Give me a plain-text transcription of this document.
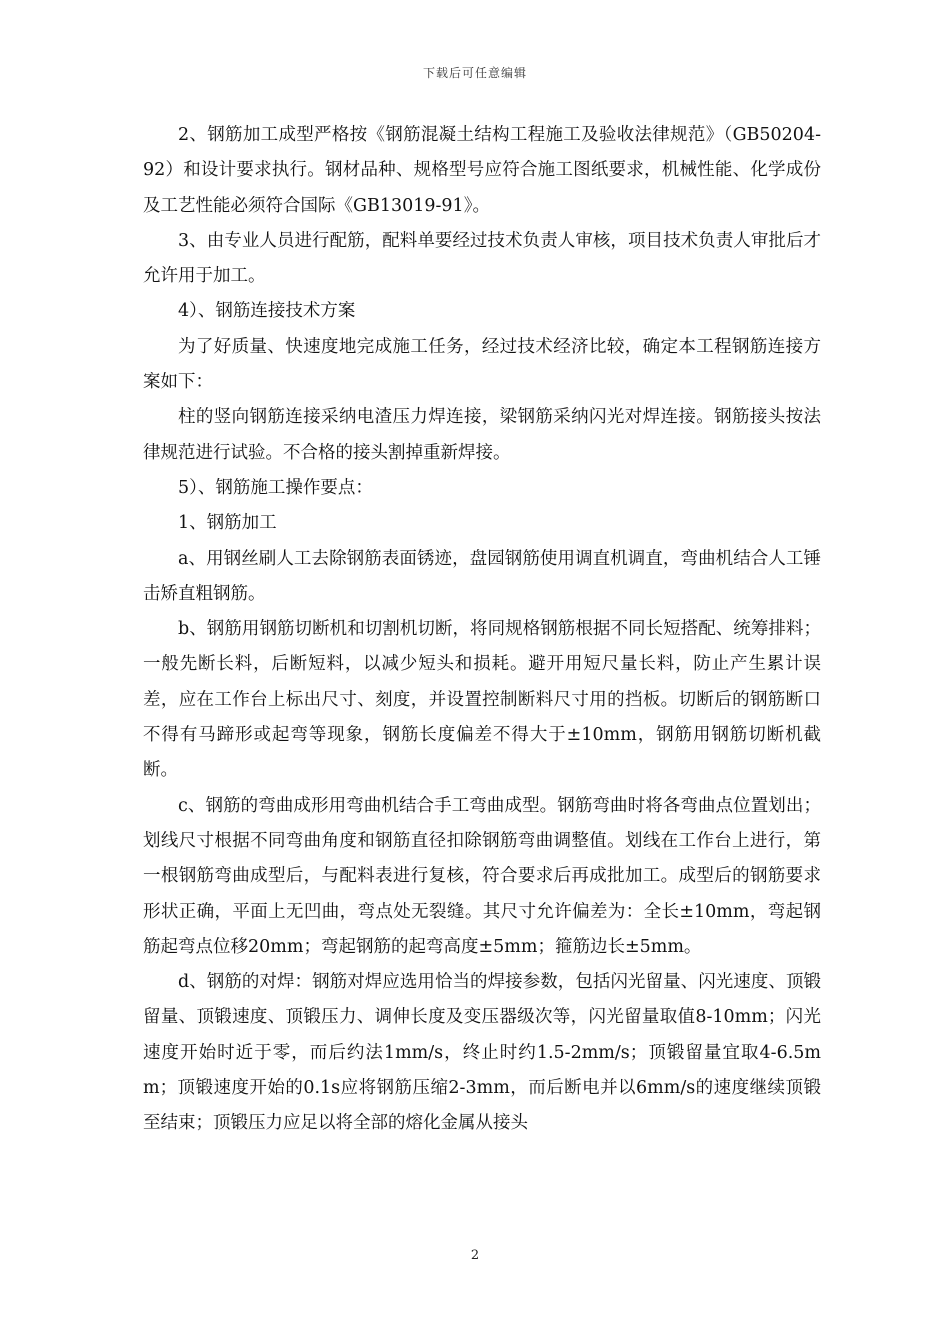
下载后可任意编辑

2、钢筋加工成型严格按《钢筋混凝土结构工程施工及验收法律规范》（GB50204-92）和设计要求执行。钢材品种、规格型号应符合施工图纸要求，机械性能、化学成份及工艺性能必须符合国际《GB13019-91》。

3、由专业人员进行配筋，配料单要经过技术负责人审核，项目技术负责人审批后才允许用于加工。

4）、钢筋连接技术方案

为了好质量、快速度地完成施工任务，经过技术经济比较，确定本工程钢筋连接方案如下：

柱的竖向钢筋连接采纳电渣压力焊连接，梁钢筋采纳闪光对焊连接。钢筋接头按法律规范进行试验。不合格的接头割掉重新焊接。

5）、钢筋施工操作要点：

1、钢筋加工

a、用钢丝刷人工去除钢筋表面锈迹，盘园钢筋使用调直机调直，弯曲机结合人工锤击矫直粗钢筋。

b、钢筋用钢筋切断机和切割机切断，将同规格钢筋根据不同长短搭配、统筹排料；一般先断长料，后断短料，以减少短头和损耗。避开用短尺量长料，防止产生累计误差，应在工作台上标出尺寸、刻度，并设置控制断料尺寸用的挡板。切断后的钢筋断口不得有马蹄形或起弯等现象，钢筋长度偏差不得大于±10mm，钢筋用钢筋切断机截断。

c、钢筋的弯曲成形用弯曲机结合手工弯曲成型。钢筋弯曲时将各弯曲点位置划出；划线尺寸根据不同弯曲角度和钢筋直径扣除钢筋弯曲调整值。划线在工作台上进行，第一根钢筋弯曲成型后，与配料表进行复核，符合要求后再成批加工。成型后的钢筋要求形状正确，平面上无凹曲，弯点处无裂缝。其尺寸允许偏差为：全长±10mm，弯起钢筋起弯点位移20mm；弯起钢筋的起弯高度±5mm；箍筋边长±5mm。

d、钢筋的对焊：钢筋对焊应选用恰当的焊接参数，包括闪光留量、闪光速度、顶锻留量、顶锻速度、顶锻压力、调伸长度及变压器级次等，闪光留量取值8-10mm；闪光速度开始时近于零，而后约法1mm/s，终止时约1.5-2mm/s；顶锻留量宜取4-6.5mm；顶锻速度开始的0.1s应将钢筋压缩2-3mm，而后断电并以6mm/s的速度继续顶锻至结束；顶锻压力应足以将全部的熔化金属从接头

2
